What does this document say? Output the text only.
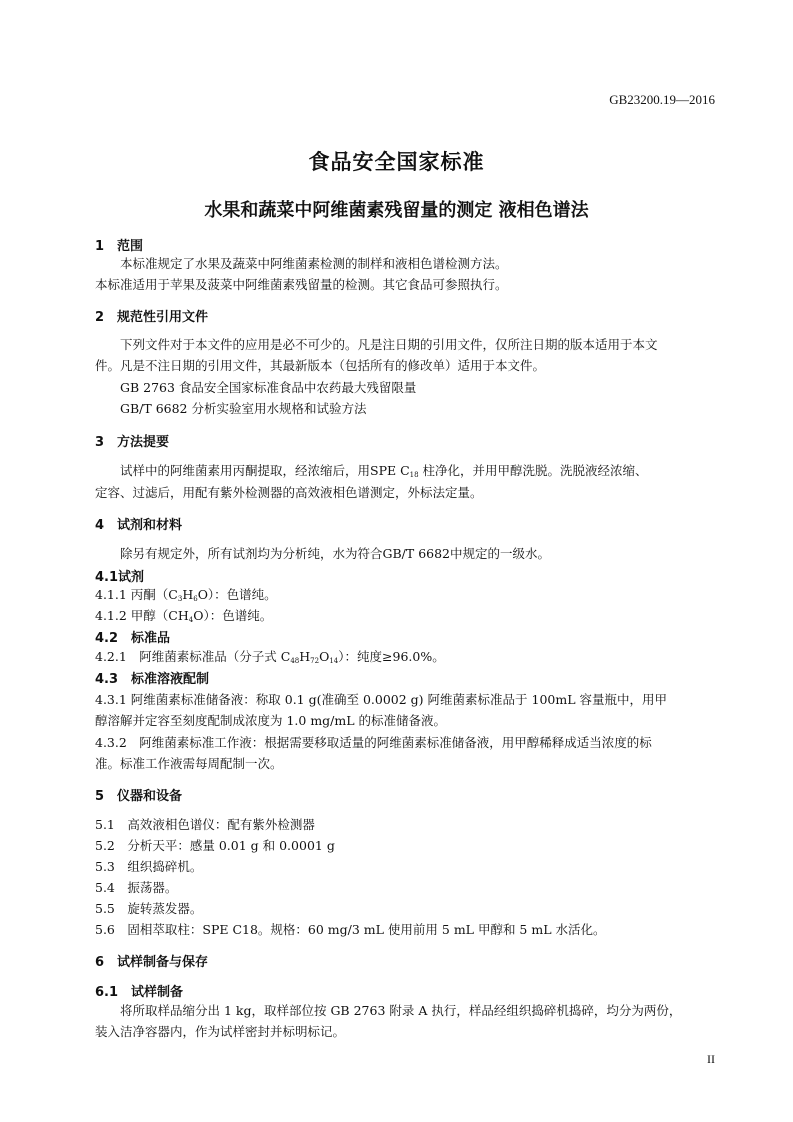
GB23200.19—2016
食品安全国家标准
水果和蔬菜中阿维菌素残留量的测定 液相色谱法
1　范围
本标准规定了水果及蔬菜中阿维菌素检测的制样和液相色谱检测方法。
本标准适用于苹果及菠菜中阿维菌素残留量的检测。其它食品可参照执行。
2　规范性引用文件
下列文件对于本文件的应用是必不可少的。凡是注日期的引用文件，仅所注日期的版本适用于本文
件。凡是不注日期的引用文件，其最新版本（包括所有的修改单）适用于本文件。
GB 2763 食品安全国家标准食品中农药最大残留限量
GB/T 6682 分析实验室用水规格和试验方法
3　方法提要
试样中的阿维菌素用丙酮提取，经浓缩后，用SPE $C_{18}$ 柱净化，并用甲醇洗脱。洗脱液经浓缩、
定容、过滤后，用配有紫外检测器的高效液相色谱测定，外标法定量。
4　试剂和材料
除另有规定外，所有试剂均为分析纯，水为符合GB/T 6682中规定的一级水。
4.1试剂
4.1.1 丙酮$(C_3H_6O)$：色谱纯。
4.1.2 甲醇$(CH_4O)$：色谱纯。
4.2　标准品
4.2.1　阿维菌素标准品（分子式 $C_{48}H_{72}O_{14}$）：纯度≥96.0%。
4.3　标准溶液配制
4.3.1 阿维菌素标准储备液：称取 0.1 g(准确至 0.0002 g) 阿维菌素标准品于 100mL 容量瓶中，用甲
醇溶解并定容至刻度配制成浓度为 1.0 mg/mL 的标准储备液。
4.3.2　阿维菌素标准工作液：根据需要移取适量的阿维菌素标准储备液，用甲醇稀释成适当浓度的标
准。标准工作液需每周配制一次。
5　仪器和设备
5.1　高效液相色谱仪：配有紫外检测器
5.2　分析天平：感量 0.01 g 和 0.0001 g
5.3　组织捣碎机。
5.4　振荡器。
5.5　旋转蒸发器。
5.6　固相萃取柱：SPE C18。规格：60 mg/3 mL 使用前用 5 mL 甲醇和 5 mL 水活化。
6　试样制备与保存
6.1　试样制备
将所取样品缩分出 1 kg，取样部位按 GB 2763 附录 A 执行，样品经组织捣碎机捣碎，均分为两份，
装入洁净容器内，作为试样密封并标明标记。
II
